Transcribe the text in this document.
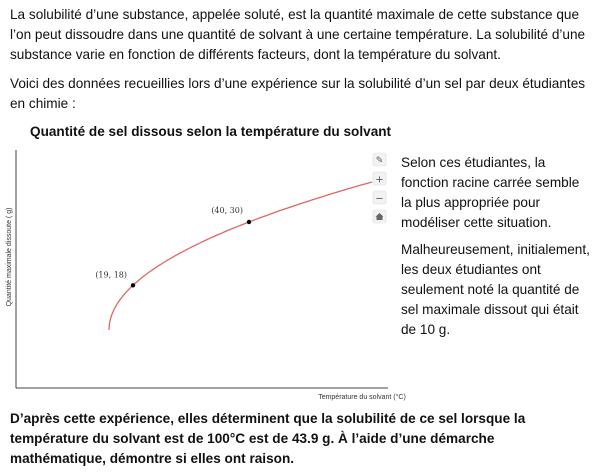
La solubilité d’une substance, appelée soluté, est la quantité maximale de cette substance que l’on peut dissoudre dans une quantité de solvant à une certaine température. La solubilité d’une substance varie en fonction de différents facteurs, dont la température du solvant.

Voici des données recueillies lors d’une expérience sur la solubilité d’un sel par deux étudiantes en chimie :

Quantité de sel dissous selon la température du solvant
Quantité maximale dissoute ( g)
Température du solvant (°C)
(19, 18)
(40, 30)
✎
+
−

Selon ces étudiantes, la fonction racine carrée semble la plus appropriée pour modéliser cette situation.

Malheureusement, initialement, les deux étudiantes ont seulement noté la quantité de sel maximale dissout qui était de 10 g.

D’après cette expérience, elles déterminent que la solubilité de ce sel lorsque la température du solvant est de 100°C est de 43.9 g. À l’aide d’une démarche mathématique, démontre si elles ont raison.
